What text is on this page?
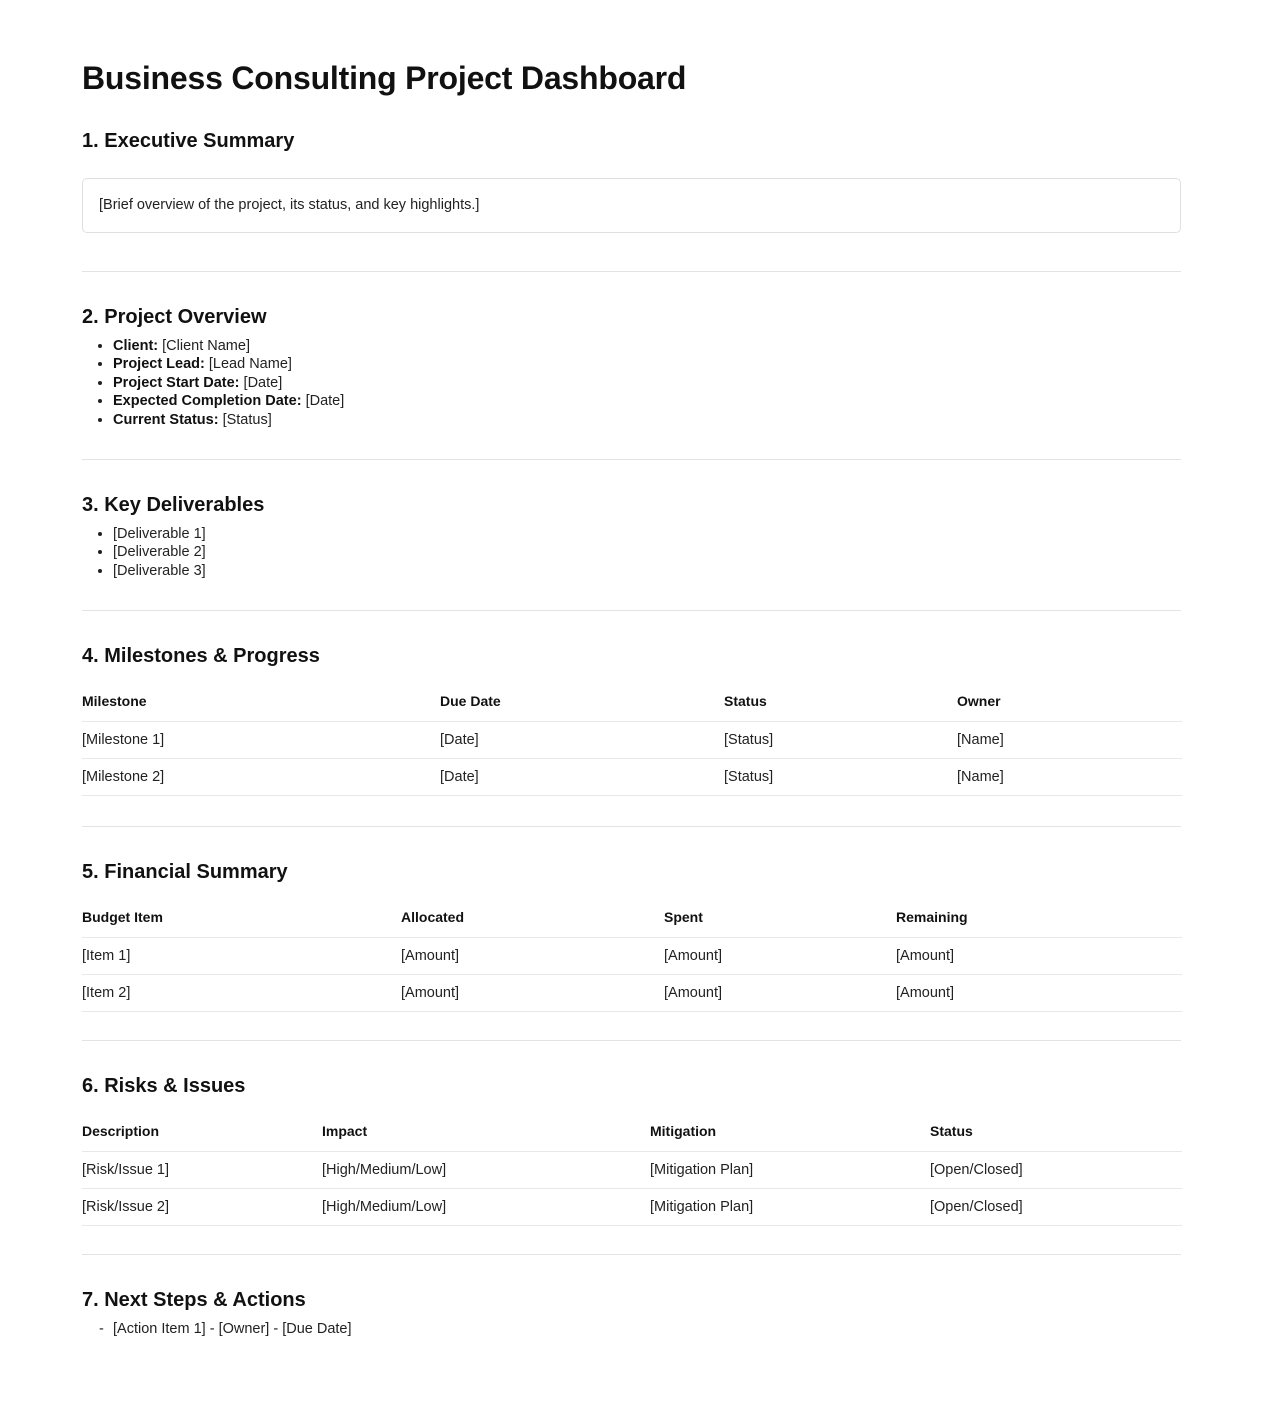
Business Consulting Project Dashboard
1. Executive Summary
[Brief overview of the project, its status, and key highlights.]
2. Project Overview
• Client: [Client Name]
• Project Lead: [Lead Name]
• Project Start Date: [Date]
• Expected Completion Date: [Date]
• Current Status: [Status]
3. Key Deliverables
• [Deliverable 1]
• [Deliverable 2]
• [Deliverable 3]
4. Milestones & Progress
Milestone	Due Date	Status	Owner
[Milestone 1]	[Date]	[Status]	[Name]
[Milestone 2]	[Date]	[Status]	[Name]
5. Financial Summary
Budget Item	Allocated	Spent	Remaining
[Item 1]	[Amount]	[Amount]	[Amount]
[Item 2]	[Amount]	[Amount]	[Amount]
6. Risks & Issues
Description	Impact	Mitigation	Status
[Risk/Issue 1]	[High/Medium/Low]	[Mitigation Plan]	[Open/Closed]
[Risk/Issue 2]	[High/Medium/Low]	[Mitigation Plan]	[Open/Closed]
7. Next Steps & Actions
- [Action Item 1] - [Owner] - [Due Date]
